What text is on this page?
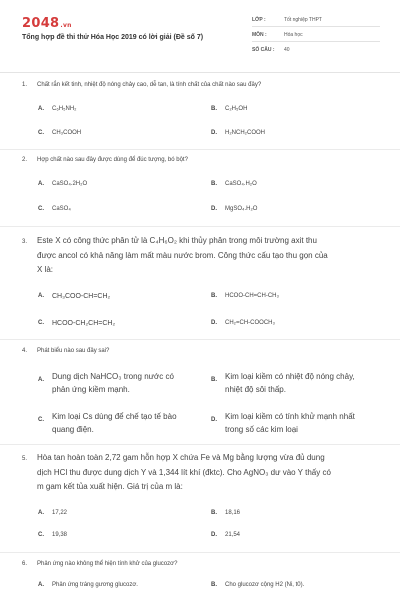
2048.vn
Tổng hợp đề thi thử Hóa Học 2019 có lời giải (Đề số 7)
LỚP :	Tốt nghiệp THPT
MÔN :	Hóa học
SỐ CÂU :	40
1. Chất rắn kết tinh, nhiệt độ nóng chảy cao, dễ tan, là tính chất của chất nào sau đây?
A.	C₆H₅NH₂	B.	C₂H₅OH
C.	CH₃COOH	D.	H₂NCH₂COOH
2. Hợp chất nào sau đây được dùng để đúc tượng, bó bột?
A.	CaSO₄.2H₂O	B.	CaSO₄.H₂O
C.	CaSO₄	D.	MgSO₄.H₂O
3. Este X có công thức phân tử là C₄H₆O₂ khi thủy phân trong môi trường axit thu
được ancol có khả năng làm mất màu nước brom. Công thức cấu tạo thu gọn của
X là:
A.	CH₃COO-CH=CH₂	B.	HCOO-CH=CH-CH₃
C.	HCOO-CH₂CH=CH₂	D.	CH₂=CH-COOCH₃
4. Phát biểu nào sau đây sai?
A.	Dung dịch NaHCO₃ trong nước có
phản ứng kiềm mạnh.
B.	Kim loại kiềm có nhiệt độ nóng chảy,
nhiệt độ sôi thấp.
C.	Kim loại Cs dùng để chế tạo tế bào
quang điện.
D.	Kim loại kiềm có tính khử mạnh nhất
trong số các kim loại
5. Hòa tan hoàn toàn 2,72 gam hỗn hợp X chứa Fe và Mg bằng lượng vừa đủ dung
dịch HCl thu được dung dịch Y và 1,344 lít khí (đktc). Cho AgNO₃ dư vào Y thấy có
m gam kết tủa xuất hiện. Giá trị của m là:
A.	17,22	B.	18,16
C.	19,38	D.	21,54
6. Phản ứng nào không thể hiện tính khử của glucozơ?
A.	Phản ứng tráng gương glucozơ.	B.	Cho glucozơ cộng H2 (Ni, t0).
